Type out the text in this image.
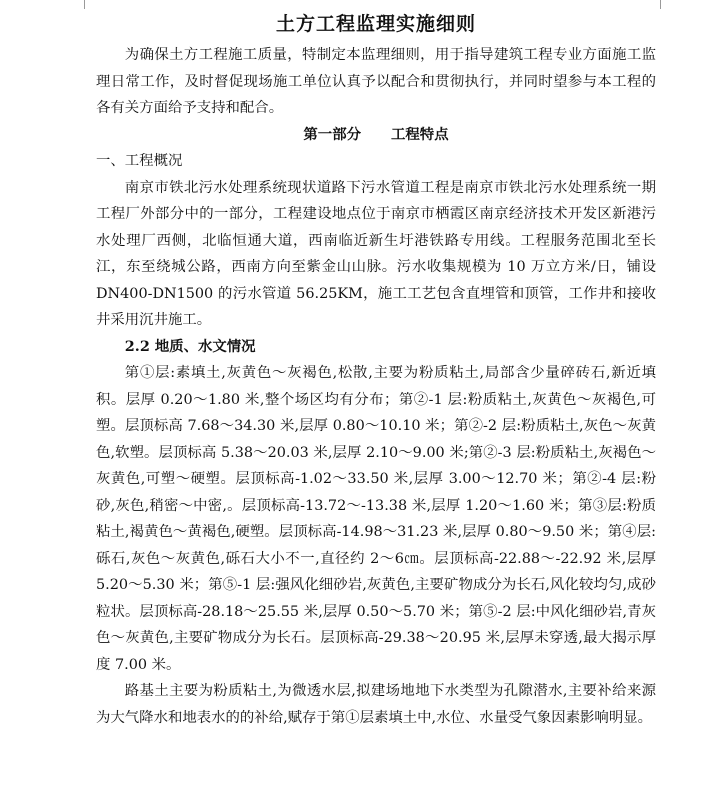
土方工程监理实施细则

为确保土方工程施工质量，特制定本监理细则，用于指导建筑工程专业方面施工监理日常工作，及时督促现场施工单位认真予以配合和贯彻执行，并同时望参与本工程的各有关方面给予支持和配合。

第一部分      工程特点

一、工程概况

南京市铁北污水处理系统现状道路下污水管道工程是南京市铁北污水处理系统一期工程厂外部分中的一部分，工程建设地点位于南京市栖霞区南京经济技术开发区新港污水处理厂西侧，北临恒通大道，西南临近新生圩港铁路专用线。工程服务范围北至长江，东至绕城公路，西南方向至紫金山山脉。污水收集规模为 10 万立方米/日，铺设 DN400-DN1500 的污水管道 56.25KM，施工工艺包含直埋管和顶管，工作井和接收井采用沉井施工。

2.2 地质、水文情况

第①层:素填土,灰黄色～灰褐色,松散,主要为粉质粘土,局部含少量碎砖石,新近填积。层厚 0.20～1.80 米,整个场区均有分布；第②-1 层:粉质粘土,灰黄色～灰褐色,可塑。层顶标高 7.68～34.30 米,层厚 0.80～10.10 米；第②-2 层:粉质粘土,灰色～灰黄色,软塑。层顶标高 5.38～20.03 米,层厚 2.10～9.00 米;第②-3 层:粉质粘土,灰褐色～灰黄色,可塑～硬塑。层顶标高-1.02～33.50 米,层厚 3.00～12.70 米；第②-4 层:粉砂,灰色,稍密～中密,。层顶标高-13.72～-13.38 米,层厚 1.20～1.60 米；第③层:粉质粘土,褐黄色～黄褐色,硬塑。层顶标高-14.98～31.23 米,层厚 0.80～9.50 米；第④层:砾石,灰色～灰黄色,砾石大小不一,直径约 2～6㎝。层顶标高-22.88～-22.92 米,层厚 5.20～5.30 米；第⑤-1 层:强风化细砂岩,灰黄色,主要矿物成分为长石,风化较均匀,成砂粒状。层顶标高-28.18～25.55 米,层厚 0.50～5.70 米；第⑤-2 层:中风化细砂岩,青灰色～灰黄色,主要矿物成分为长石。层顶标高-29.38～20.95 米,层厚未穿透,最大揭示厚度 7.00 米。

路基土主要为粉质粘土,为微透水层,拟建场地地下水类型为孔隙潜水,主要补给来源为大气降水和地表水的的补给,赋存于第①层素填土中,水位、水量受气象因素影响明显。
